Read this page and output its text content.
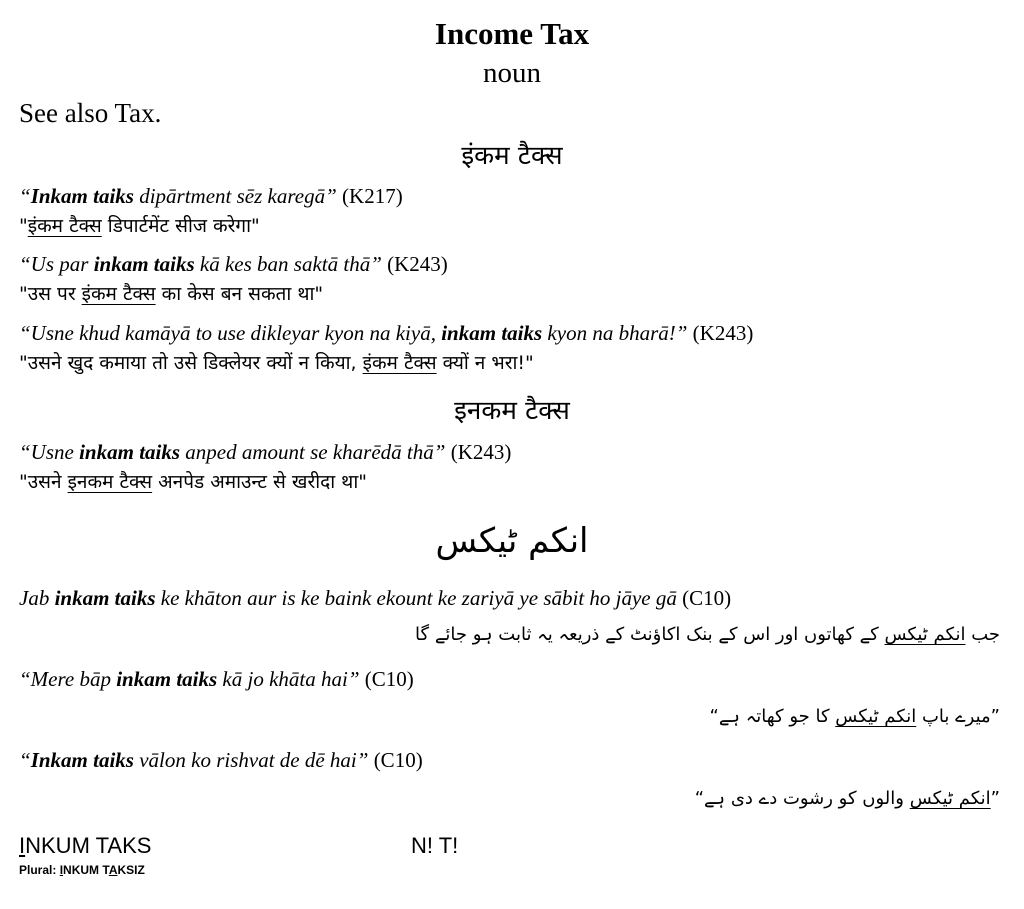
Income Tax
noun
See also Tax.
इंकम टैक्स
“Inkam taiks dipārtment sēz karegā” (K217)
"इंकम टैक्स डिपार्टमेंट सीज करेगा"
“Us par inkam taiks kā kes ban saktā thā” (K243)
"उस पर इंकम टैक्स का केस बन सकता था"
“Usne khud kamāyā to use dikleyar kyon na kiyā, inkam taiks kyon na bharā!” (K243)
"उसने खुद कमाया तो उसे डिक्लेयर क्यों न किया, इंकम टैक्स क्यों न भरा!"
इनकम टैक्स
“Usne inkam taiks anped amount se kharēdā thā” (K243)
"उसने इनकम टैक्स अनपेड अमाउन्ट से खरीदा था"
انکم ٹیکس
Jab inkam taiks ke khāton aur is ke baink ekount ke zariyā ye sābit ho jāye gā (C10)
جب انکم ٹیکس کے کھاتوں اور اس کے بنک اکاؤنٹ کے ذریعہ یہ ثابت ہو جائے گا
“Mere bāp inkam taiks kā jo khāta hai” (C10)
”میرے باپ انکم ٹیکس کا جو کھاتہ ہے“
“Inkam taiks vālon ko rishvat de dē hai” (C10)
”انکم ٹیکس والوں کو رشوت دے دی ہے“
INKUM TAKS	N! T!
Plural: INKUM TAKSIZ
